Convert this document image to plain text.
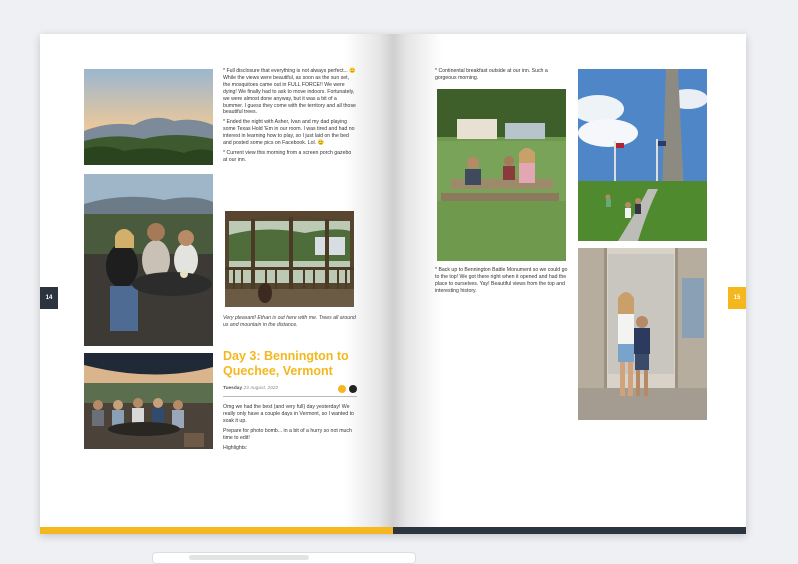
* Full disclosure that everything is not always perfect... 😑 While the views were beautiful, as soon as the sun set, the mosquitoes came out in FULL FORCE!! We were dying! We finally had to ask to move indoors. Fortunately, we were almost done anyway, but it was a bit of a bummer. I guess they come with the territory and all those beautiful trees.

* Ended the night with Asher, Ivan and my dad playing some Texas Hold 'Em in our room. I was tired and had no interest in learning how to play, so I just laid on the bed and posted some pics on Facebook. Lol. 😊

* Current view this morning from a screen porch gazebo at our inn.

Very pleasant! Ethan is out here with me. Trees all around us and mountain in the distance.
Day 3: Bennington to Quechee, Vermont
Tuesday 23 August, 2022

Omg we had the best (and very full) day yesterday! We really only have a couple days in Vermont, so I wanted to soak it up.

Prepare for photo bomb... in a bit of a hurry so not much time to edit!

Highlights:

* Continental breakfast outside at our inn. Such a gorgeous morning.
* Back up to Bennington Battle Monument so we could go to the top! We got there right when it opened and had the place to ourselves. Yay! Beautiful views from the top and interesting history.
14	15
